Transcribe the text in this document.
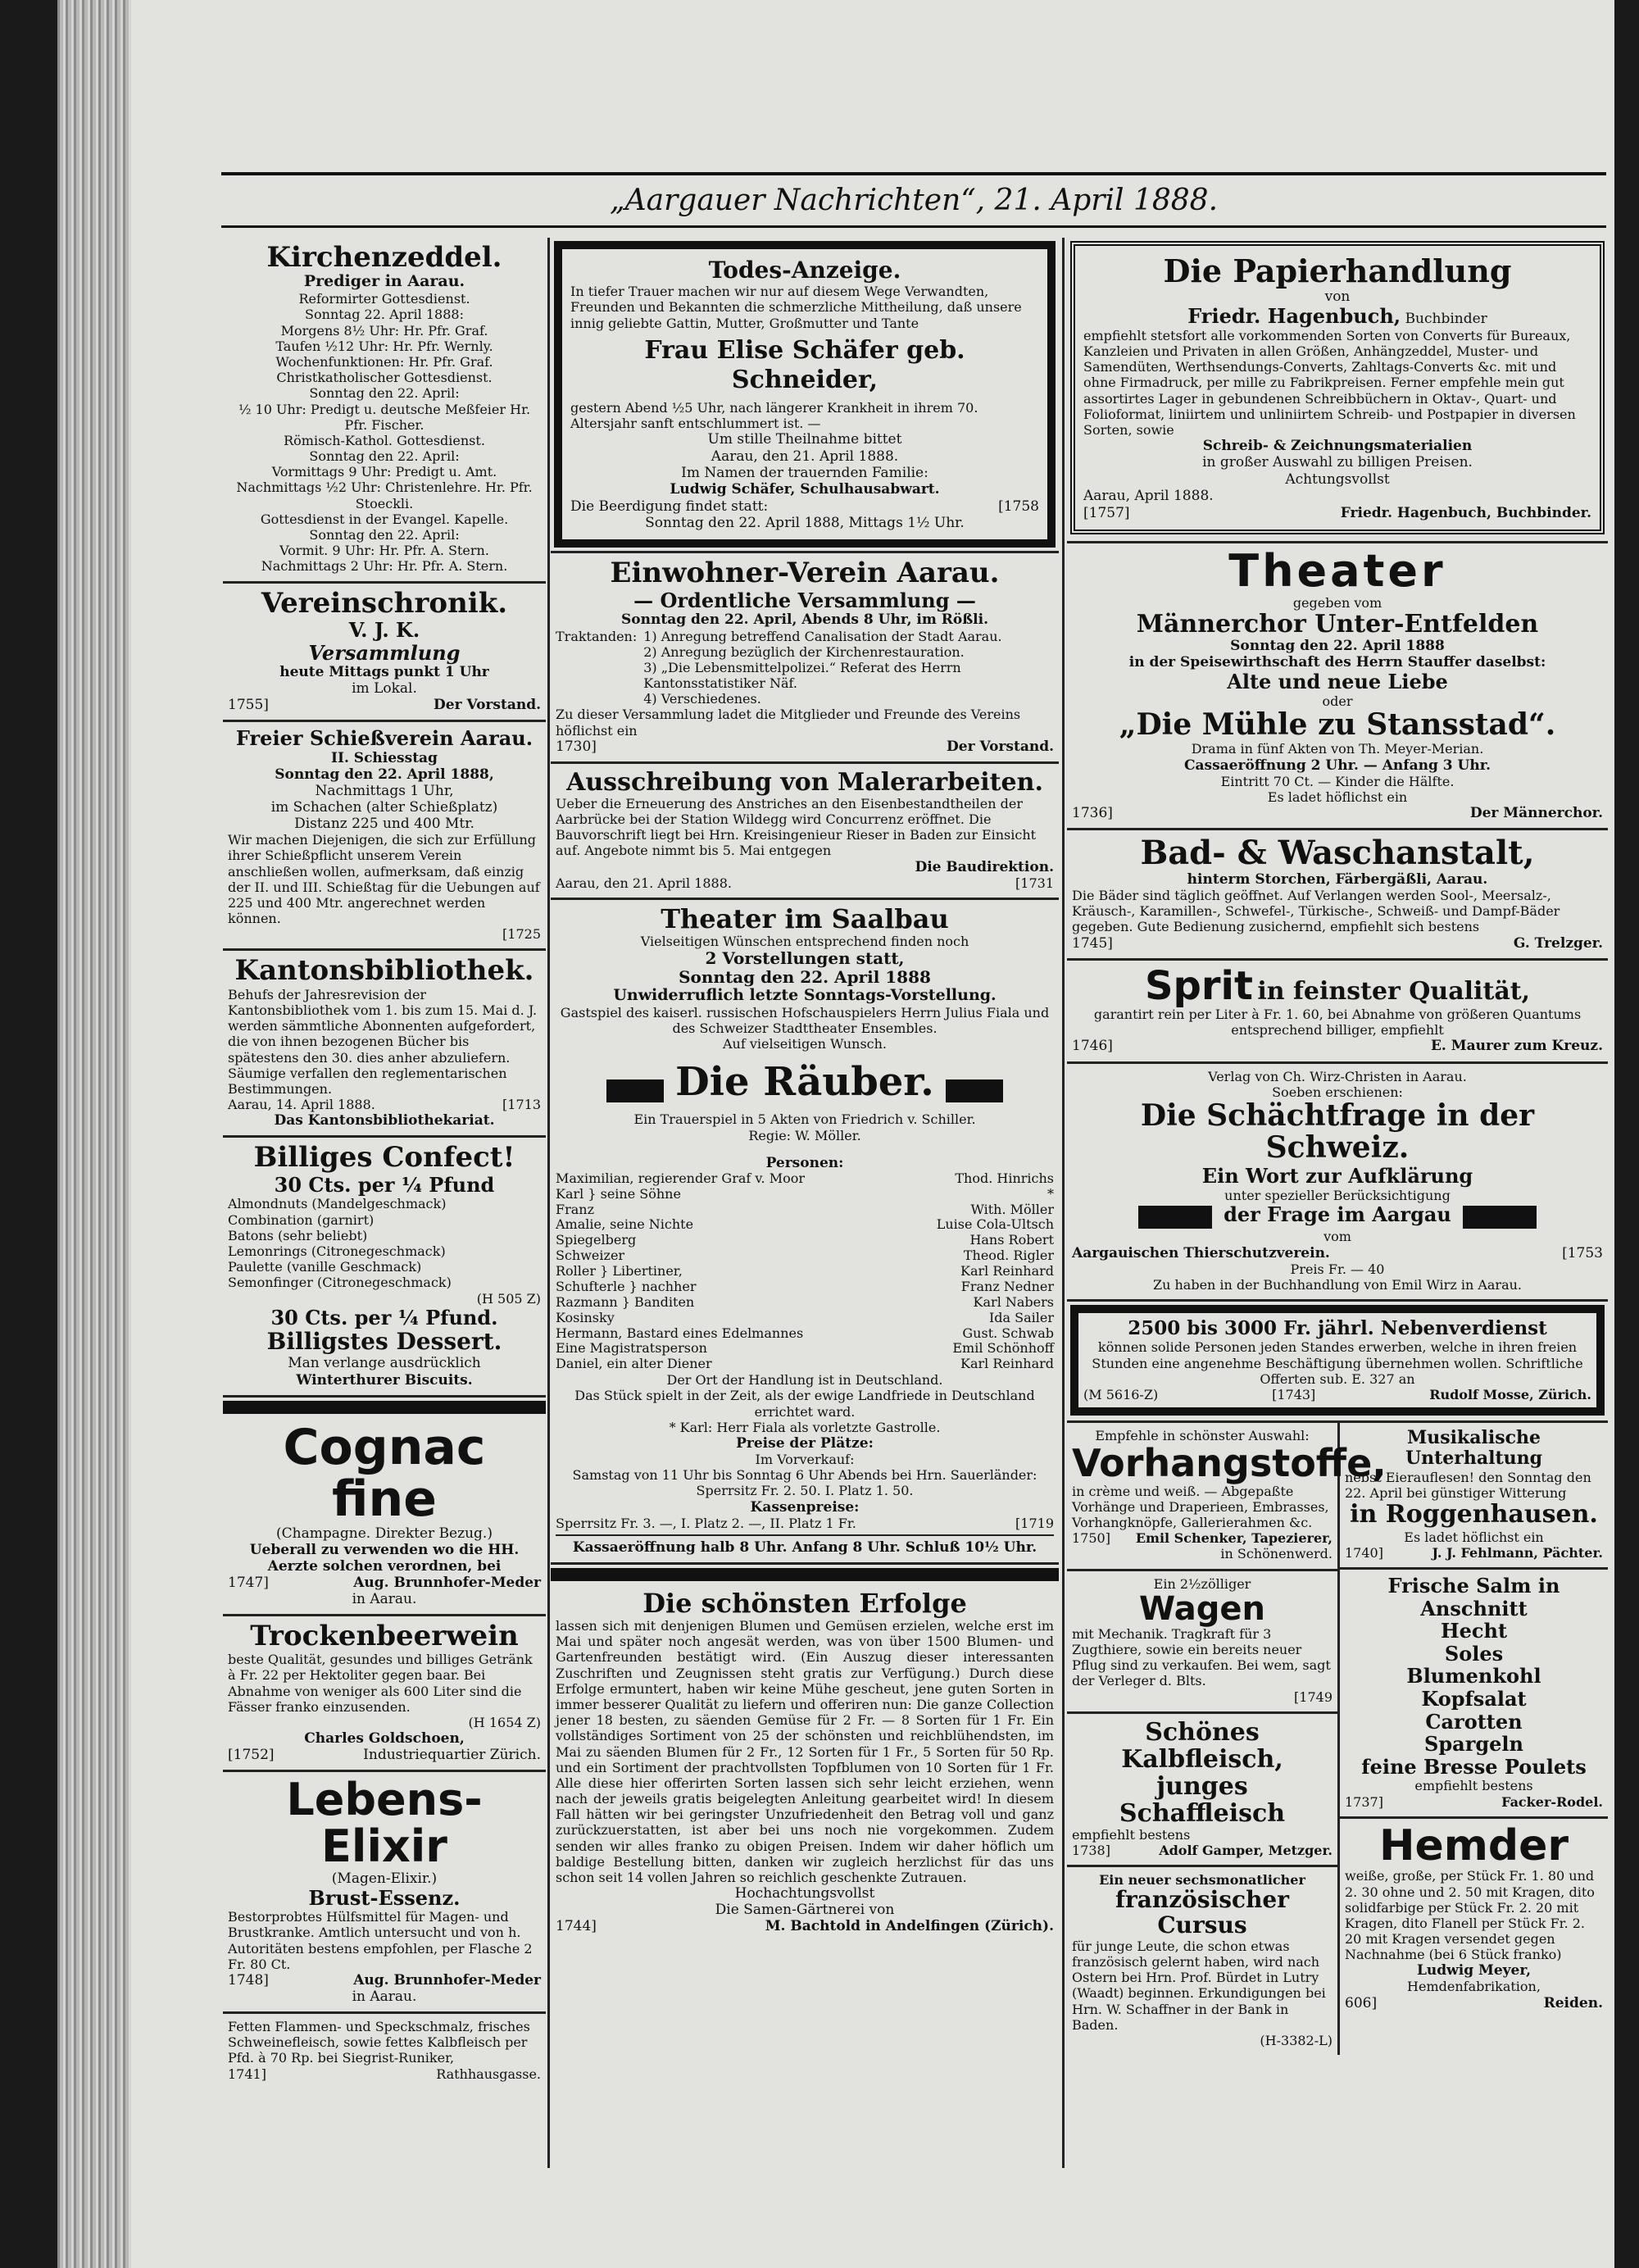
„Aargauer Nachrichten“, 21. April 1888.
Kirchenzeddel.
Prediger in Aarau.
Reformirter Gottesdienst.
Sonntag 22. April 1888:
Morgens 8½ Uhr: Hr. Pfr. Graf.
Taufen ½12 Uhr: Hr. Pfr. Wernly.
Wochenfunktionen: Hr. Pfr. Graf.
Christkatholischer Gottesdienst.
Sonntag den 22. April:
½ 10 Uhr: Predigt u. deutsche Meßfeier Hr. Pfr. Fischer.
Römisch-Kathol. Gottesdienst.
Sonntag den 22. April:
Vormittags 9 Uhr: Predigt u. Amt.
Nachmittags ½2 Uhr: Christenlehre. Hr. Pfr. Stoeckli.
Gottesdienst in der Evangel. Kapelle.
Sonntag den 22. April:
Vormit. 9 Uhr: Hr. Pfr. A. Stern.
Nachmittags 2 Uhr: Hr. Pfr. A. Stern.
Vereinschronik.
V. J. K.
Versammlung
heute Mittags punkt 1 Uhr
im Lokal.
1755]	Der Vorstand.
Freier Schießverein Aarau.
II. Schiesstag
Sonntag den 22. April 1888,
Nachmittags 1 Uhr,
im Schachen (alter Schießplatz)
Distanz 225 und 400 Mtr.
Wir machen Diejenigen, die sich zur Erfüllung ihrer Schießpflicht unserem Verein anschließen wollen, aufmerksam, daß einzig der II. und III. Schießtag für die Uebungen auf 225 und 400 Mtr. angerechnet werden können.
[1725
Kantonsbibliothek.
Behufs der Jahresrevision der Kantonsbibliothek vom 1. bis zum 15. Mai d. J. werden sämmtliche Abonnenten aufgefordert, die von ihnen bezogenen Bücher bis spätestens den 30. dies anher abzuliefern. Säumige verfallen den reglementarischen Bestimmungen.
Aarau, 14. April 1888.	[1713
Das Kantonsbibliothekariat.
Billiges Confect!
30 Cts. per ¼ Pfund
Almondnuts (Mandelgeschmack)
Combination (garnirt)
Batons (sehr beliebt)
Lemonrings (Citronegeschmack)
Paulette (vanille Geschmack)
Semonfinger (Citronegeschmack)
(H 505 Z)
30 Cts. per ¼ Pfund.
Billigstes Dessert.
Man verlange ausdrücklich
Winterthurer Biscuits.
Cognac fine
(Champagne. Direkter Bezug.)
Ueberall zu verwenden wo die HH. Aerzte solchen verordnen, bei
1747]	Aug. Brunnhofer-Meder
in Aarau.
Trockenbeerwein
beste Qualität, gesundes und billiges Getränk à Fr. 22 per Hektoliter gegen baar. Bei Abnahme von weniger als 600 Liter sind die Fässer franko einzusenden.
(H 1654 Z)
Charles Goldschoen,
[1752]	Industriequartier Zürich.
Lebens-Elixir
(Magen-Elixir.)
Brust-Essenz.
Bestorprobtes Hülfsmittel für Magen- und Brustkranke. Amtlich untersucht und von h. Autoritäten bestens empfohlen, per Flasche 2 Fr. 80 Ct.
1748]	Aug. Brunnhofer-Meder
in Aarau.
Fetten Flammen- und Speckschmalz, frisches Schweinefleisch, sowie fettes Kalbfleisch per Pfd. à 70 Rp. bei Siegrist-Runiker,
1741]	Rathhausgasse.
Todes-Anzeige.
In tiefer Trauer machen wir nur auf diesem Wege Verwandten, Freunden und Bekannten die schmerzliche Mittheilung, daß unsere innig geliebte Gattin, Mutter, Großmutter und Tante
Frau Elise Schäfer geb. Schneider,
gestern Abend ½5 Uhr, nach längerer Krankheit in ihrem 70. Altersjahr sanft entschlummert ist. —
Um stille Theilnahme bittet
Aarau, den 21. April 1888.
Im Namen der trauernden Familie:
Ludwig Schäfer, Schulhausabwart.
Die Beerdigung findet statt:	[1758
Sonntag den 22. April 1888, Mittags 1½ Uhr.
Einwohner-Verein Aarau.
— Ordentliche Versammlung —
Sonntag den 22. April, Abends 8 Uhr, im Rößli.
Traktanden: 1) Anregung betreffend Canalisation der Stadt Aarau.
2) Anregung bezüglich der Kirchenrestauration.
3) „Die Lebensmittelpolizei.“ Referat des Herrn Kantonsstatistiker Näf.
4) Verschiedenes.
Zu dieser Versammlung ladet die Mitglieder und Freunde des Vereins höflichst ein
1730]	Der Vorstand.
Ausschreibung von Malerarbeiten.
Ueber die Erneuerung des Anstriches an den Eisenbestandtheilen der Aarbrücke bei der Station Wildegg wird Concurrenz eröffnet. Die Bauvorschrift liegt bei Hrn. Kreisingenieur Rieser in Baden zur Einsicht auf. Angebote nimmt bis 5. Mai entgegen
Die Baudirektion.
Aarau, den 21. April 1888.	[1731
Theater im Saalbau
Vielseitigen Wünschen entsprechend finden noch
2 Vorstellungen statt,
Sonntag den 22. April 1888
Unwiderruflich letzte Sonntags-Vorstellung.
Gastspiel des kaiserl. russischen Hofschauspielers Herrn Julius Fiala und des Schweizer Stadttheater Ensembles.
Auf vielseitigen Wunsch.
Die Räuber.
Ein Trauerspiel in 5 Akten von Friedrich v. Schiller.
Regie: W. Möller.
Personen:
Maximilian, regierender Graf v. Moor	Thod. Hinrichs
Karl } seine Söhne	*
Franz	With. Möller
Amalie, seine Nichte	Luise Cola-Ultsch
Spiegelberg	Hans Robert
Schweizer	Theod. Rigler
Roller } Libertiner,	Karl Reinhard
Schufterle } nachher	Franz Nedner
Razmann } Banditen	Karl Nabers
Kosinsky	Ida Sailer
Hermann, Bastard eines Edelmannes	Gust. Schwab
Eine Magistratsperson	Emil Schönhoff
Daniel, ein alter Diener	Karl Reinhard
Der Ort der Handlung ist in Deutschland.
Das Stück spielt in der Zeit, als der ewige Landfriede in Deutschland errichtet ward.
* Karl: Herr Fiala als vorletzte Gastrolle.
Preise der Plätze:
Im Vorverkauf:
Samstag von 11 Uhr bis Sonntag 6 Uhr Abends bei Hrn. Sauerländer:
Sperrsitz Fr. 2. 50. I. Platz 1. 50.
Kassenpreise:
Sperrsitz Fr. 3. —, I. Platz 2. —, II. Platz 1 Fr.	[1719
Kassaeröffnung halb 8 Uhr. Anfang 8 Uhr. Schluß 10½ Uhr.
Die schönsten Erfolge
lassen sich mit denjenigen Blumen und Gemüsen erzielen, welche erst im Mai und später noch angesät werden, was von über 1500 Blumen- und Gartenfreunden bestätigt wird. (Ein Auszug dieser interessanten Zuschriften und Zeugnissen steht gratis zur Verfügung.) Durch diese Erfolge ermuntert, haben wir keine Mühe gescheut, jene guten Sorten in immer besserer Qualität zu liefern und offeriren nun: Die ganze Collection jener 18 besten, zu säenden Gemüse für 2 Fr. — 8 Sorten für 1 Fr. Ein vollständiges Sortiment von 25 der schönsten und reichblühendsten, im Mai zu säenden Blumen für 2 Fr., 12 Sorten für 1 Fr., 5 Sorten für 50 Rp. und ein Sortiment der prachtvollsten Topfblumen von 10 Sorten für 1 Fr. Alle diese hier offerirten Sorten lassen sich sehr leicht erziehen, wenn nach der jeweils gratis beigelegten Anleitung gearbeitet wird! In diesem Fall hätten wir bei geringster Unzufriedenheit den Betrag voll und ganz zurückzuerstatten, ist aber bei uns noch nie vorgekommen. Zudem senden wir alles franko zu obigen Preisen. Indem wir daher höflich um baldige Bestellung bitten, danken wir zugleich herzlichst für das uns schon seit 14 vollen Jahren so reichlich geschenkte Zutrauen.
Hochachtungsvollst
Die Samen-Gärtnerei von
1744]	M. Bachtold in Andelfingen (Zürich).
Die Papierhandlung
von
Friedr. Hagenbuch, Buchbinder
empfiehlt stetsfort alle vorkommenden Sorten von Converts für Bureaux, Kanzleien und Privaten in allen Größen, Anhängzeddel, Muster- und Samendüten, Werthsendungs-Converts, Zahltags-Converts &c. mit und ohne Firmadruck, per mille zu Fabrikpreisen. Ferner empfehle mein gut assortirtes Lager in gebundenen Schreibbüchern in Oktav-, Quart- und Folioformat, liniirtem und unliniirtem Schreib- und Postpapier in diversen Sorten, sowie
Schreib- & Zeichnungsmaterialien
in großer Auswahl zu billigen Preisen.
Achtungsvollst
Aarau, April 1888.
[1757]	Friedr. Hagenbuch, Buchbinder.
Theater
gegeben vom
Männerchor Unter-Entfelden
Sonntag den 22. April 1888
in der Speisewirthschaft des Herrn Stauffer daselbst:
Alte und neue Liebe
oder
„Die Mühle zu Stansstad“.
Drama in fünf Akten von Th. Meyer-Merian.
Cassaeröffnung 2 Uhr. — Anfang 3 Uhr.
Eintritt 70 Ct. — Kinder die Hälfte.
Es ladet höflichst ein
1736]	Der Männerchor.
Bad- & Waschanstalt,
hinterm Storchen, Färbergäßli, Aarau.
Die Bäder sind täglich geöffnet. Auf Verlangen werden Sool-, Meersalz-, Kräusch-, Karamillen-, Schwefel-, Türkische-, Schweiß- und Dampf-Bäder gegeben. Gute Bedienung zusichernd, empfiehlt sich bestens
1745]	G. Trelzger.
Sprit in feinster Qualität,
garantirt rein per Liter à Fr. 1. 60, bei Abnahme von größeren Quantums entsprechend billiger, empfiehlt
1746]	E. Maurer zum Kreuz.
Verlag von Ch. Wirz-Christen in Aarau.
Soeben erschienen:
Die Schächtfrage in der Schweiz.
Ein Wort zur Aufklärung
unter spezieller Berücksichtigung
der Frage im Aargau
vom
Aargauischen Thierschutzverein.	[1753
Preis Fr. — 40
Zu haben in der Buchhandlung von Emil Wirz in Aarau.
2500 bis 3000 Fr. jährl. Nebenverdienst
können solide Personen jeden Standes erwerben, welche in ihren freien Stunden eine angenehme Beschäftigung übernehmen wollen. Schriftliche Offerten sub. E. 327 an
(M 5616-Z)	[1743]	Rudolf Mosse, Zürich.
Empfehle in schönster Auswahl:
Vorhangstoffe,
in crème und weiß. — Abgepaßte Vorhänge und Draperieen, Embrasses, Vorhangknöpfe, Gallerierahmen &c.
1750] Emil Schenker, Tapezierer,
in Schönenwerd.
Ein 2½zölliger
Wagen
mit Mechanik. Tragkraft für 3 Zugthiere, sowie ein bereits neuer Pflug sind zu verkaufen. Bei wem, sagt der Verleger d. Blts.
[1749
Schönes Kalbfleisch,
junges Schaffleisch
empfiehlt bestens
1738]	Adolf Gamper, Metzger.
Ein neuer sechsmonatlicher
französischer Cursus
für junge Leute, die schon etwas französisch gelernt haben, wird nach Ostern bei Hrn. Prof. Bürdet in Lutry (Waadt) beginnen. Erkundigungen bei Hrn. W. Schaffner in der Bank in Baden.
(H-3382-L)
Musikalische Unterhaltung
nebst Eierauflesen! den Sonntag den 22. April bei günstiger Witterung
in Roggenhausen.
Es ladet höflichst ein
1740]	J. J. Fehlmann, Pächter.
Frische Salm in Anschnitt
Hecht
Soles
Blumenkohl
Kopfsalat
Carotten
Spargeln
feine Bresse Poulets
empfiehlt bestens
1737]	Facker-Rodel.
Hemder
weiße, große, per Stück Fr. 1. 80 und 2. 30 ohne und 2. 50 mit Kragen, dito solidfarbige per Stück Fr. 2. 20 mit Kragen, dito Flanell per Stück Fr. 2. 20 mit Kragen versendet gegen Nachnahme (bei 6 Stück franko)
Ludwig Meyer,
Hemdenfabrikation,
606]	Reiden.
